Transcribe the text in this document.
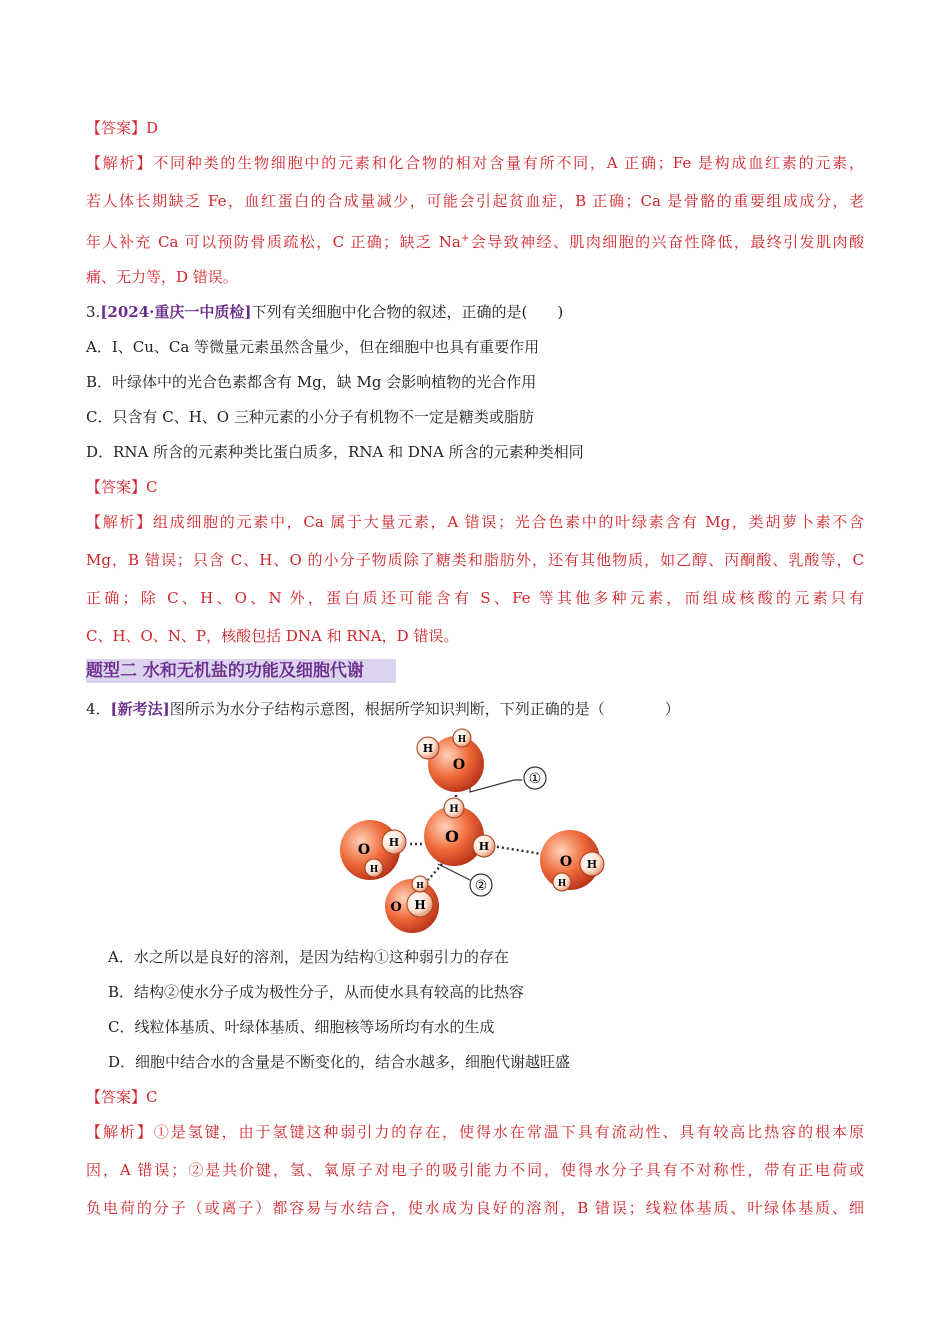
【答案】D
【解析】不同种类的生物细胞中的元素和化合物的相对含量有所不同，A 正确；Fe 是构成血红素的元素，
若人体长期缺乏 Fe，血红蛋白的合成量减少，可能会引起贫血症，B 正确；Ca 是骨骼的重要组成成分，老
年人补充 Ca 可以预防骨质疏松，C 正确；缺乏 Na+会导致神经、肌肉细胞的兴奋性降低，最终引发肌肉酸
痛、无力等，D 错误。
3.[2024·重庆一中质检]下列有关细胞中化合物的叙述，正确的是(　　)
A．I、Cu、Ca 等微量元素虽然含量少，但在细胞中也具有重要作用
B．叶绿体中的光合色素都含有 Mg，缺 Mg 会影响植物的光合作用
C．只含有 C、H、O 三种元素的小分子有机物不一定是糖类或脂肪
D．RNA 所含的元素种类比蛋白质多，RNA 和 DNA 所含的元素种类相同
【答案】C
【解析】组成细胞的元素中，Ca 属于大量元素，A 错误；光合色素中的叶绿素含有 Mg，类胡萝卜素不含
Mg，B 错误；只含 C、H、O 的小分子物质除了糖类和脂肪外，还有其他物质，如乙醇、丙酮酸、乳酸等，C
正确；除 C、H、O、N 外，蛋白质还可能含有 S、Fe 等其他多种元素，而组成核酸的元素只有
C、H、O、N、P，核酸包括 DNA 和 RNA，D 错误。
题型二 水和无机盐的功能及细胞代谢
4．[新考法]图所示为水分子结构示意图，根据所学知识判断，下列正确的是（　　　　）
①
②
O
H
H
O
H
H
O H
H	O H
H
O H
H
A．水之所以是良好的溶剂，是因为结构①这种弱引力的存在
B．结构②使水分子成为极性分子，从而使水具有较高的比热容
C．线粒体基质、叶绿体基质、细胞核等场所均有水的生成
D．细胞中结合水的含量是不断变化的，结合水越多，细胞代谢越旺盛
【答案】C
【解析】①是氢键，由于氢键这种弱引力的存在，使得水在常温下具有流动性、具有较高比热容的根本原
因，A 错误；②是共价键，氢、氧原子对电子的吸引能力不同，使得水分子具有不对称性，带有正电荷或
负电荷的分子（或离子）都容易与水结合，使水成为良好的溶剂，B 错误；线粒体基质、叶绿体基质、细
